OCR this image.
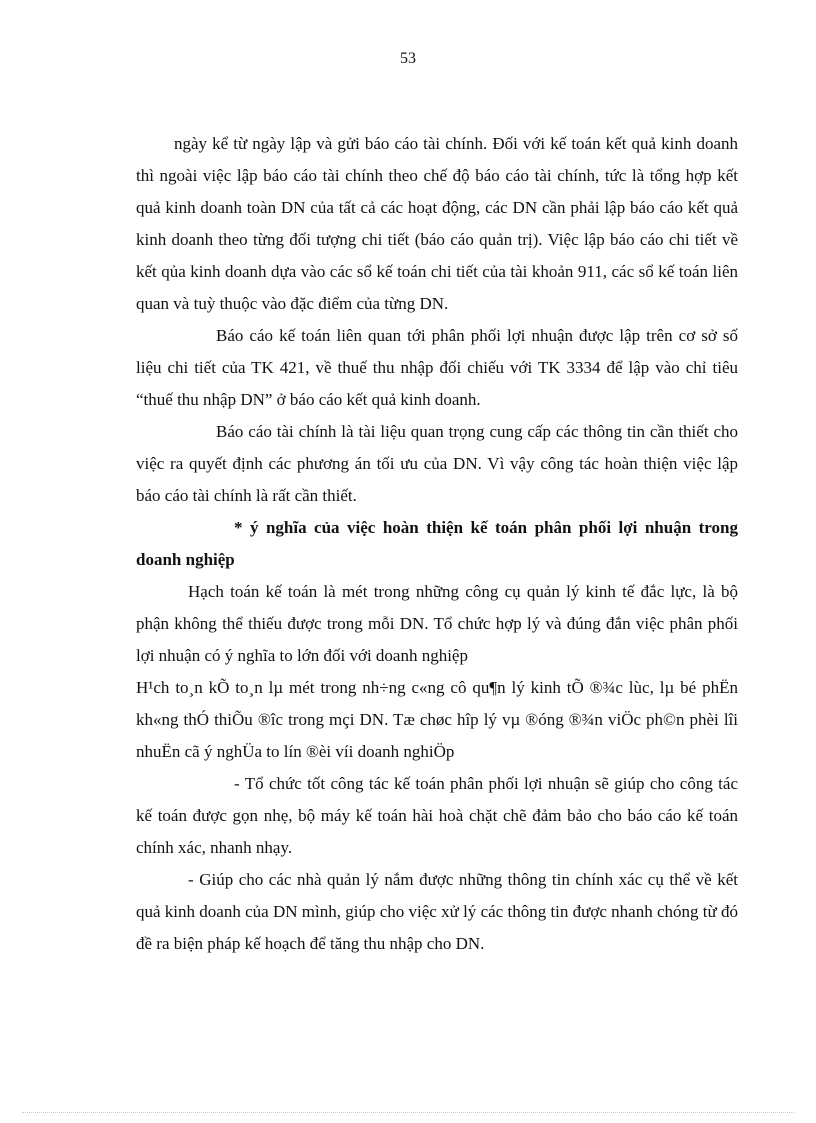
53

ngày kể từ ngày lập và gửi báo cáo tài chính. Đối với kế toán kết quả kinh doanh thì ngoài việc lập báo cáo tài chính theo chế độ báo cáo tài chính, tức là tổng hợp kết quả kinh doanh toàn DN của tất cả các hoạt động, các DN cần phải lập báo cáo kết quả kinh doanh theo từng đối tượng chi tiết (báo cáo quản trị). Việc lập báo cáo chi tiết về kết qủa kinh doanh dựa vào các sổ kế toán chi tiết của tài khoản 911, các sổ kế toán liên quan và tuỳ thuộc vào đặc điểm của từng DN.

Báo cáo kế toán liên quan tới phân phối lợi nhuận được lập trên cơ sở số liệu chi tiết của TK 421, về thuế thu nhập đối chiếu với TK 3334 để lập vào chỉ tiêu “thuế thu nhập DN” ở báo cáo kết quả kinh doanh.

Báo cáo tài chính là tài liệu quan trọng cung cấp các thông tin cần thiết cho việc ra quyết định các phương án tối ưu của DN. Vì vậy công tác hoàn thiện việc lập báo cáo tài chính là rất cần thiết.

* ý nghĩa của việc hoàn thiện kế toán phân phối lợi nhuận trong doanh nghiệp

Hạch toán kế toán là mét trong những công cụ quản lý kinh tế đắc lực, là bộ phận không thể thiếu được trong mỗi DN. Tổ chức hợp lý và đúng đắn việc phân phối lợi nhuận có ý nghĩa to lớn đối với doanh nghiệp

H¹ch to¸n kÕ to¸n lµ mét trong nh÷ng c«ng cô qu¶n lý kinh tÕ ®¾c lùc, lµ bé phËn kh«ng thÓ thiÕu ®îc trong mçi DN. Tæ chøc hîp lý vµ ®óng ®¾n viÖc ph©n phèi lîi nhuËn cã ý nghÜa to lín ®èi víi doanh nghiÖp

- Tổ chức tốt công tác kế toán phân phối lợi nhuận sẽ giúp cho công tác kế toán được gọn nhẹ, bộ máy kế toán hài hoà chặt chẽ đảm bảo cho báo cáo kế toán chính xác, nhanh nhạy.

- Giúp cho các nhà quản lý nắm được những thông tin chính xác cụ thể về kết quả kinh doanh của DN mình, giúp cho việc xử lý các thông tin được nhanh chóng từ đó đề ra biện pháp kế hoạch để tăng thu nhập cho DN.
